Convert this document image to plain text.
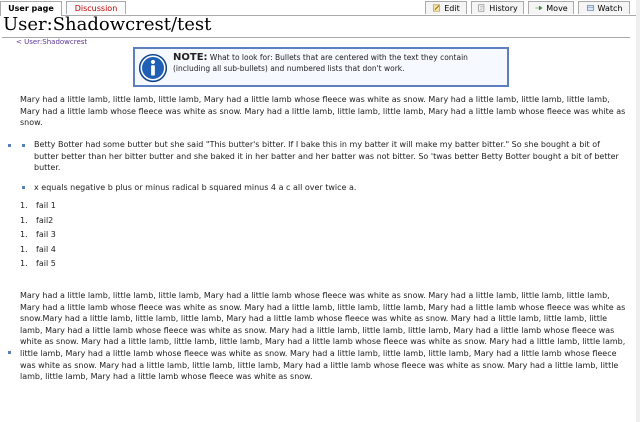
User page	Discussion	Edit	History	Move	Watch
User:Shadowcrest/test
< User:Shadowcrest
NOTE: What to look for: Bullets that are centered with the text they contain (including all sub-bullets) and numbered lists that don't work.

Mary had a little lamb, little lamb, little lamb, Mary had a little lamb whose fleece was white as snow. Mary had a little lamb, little lamb, little lamb, Mary had a little lamb whose fleece was white as snow. Mary had a little lamb, little lamb, little lamb, Mary had a little lamb whose fleece was white as snow.

Betty Botter had some butter but she said "This butter's bitter. If I bake this in my batter it will make my batter bitter." So she bought a bit of butter better than her bitter butter and she baked it in her batter and her batter was not bitter. So 'twas better Betty Botter bought a bit of better butter.
x equals negative b plus or minus radical b squared minus 4 a c all over twice a.
1. fail 1
1. fail2
1. fail 3
1. fail 4
1. fail 5

Mary had a little lamb, little lamb, little lamb, Mary had a little lamb whose fleece was white as snow. Mary had a little lamb, little lamb, little lamb, Mary had a little lamb whose fleece was white as snow. Mary had a little lamb, little lamb, little lamb, Mary had a little lamb whose fleece was white as snow.Mary had a little lamb, little lamb, little lamb, Mary had a little lamb whose fleece was white as snow. Mary had a little lamb, little lamb, little lamb, Mary had a little lamb whose fleece was white as snow. Mary had a little lamb, little lamb, little lamb, Mary had a little lamb whose fleece was white as snow. Mary had a little lamb, little lamb, little lamb, Mary had a little lamb whose fleece was white as snow. Mary had a little lamb, little lamb, little lamb, Mary had a little lamb whose fleece was white as snow. Mary had a little lamb, little lamb, little lamb, Mary had a little lamb whose fleece was white as snow. Mary had a little lamb, little lamb, little lamb, Mary had a little lamb whose fleece was white as snow. Mary had a little lamb, little lamb, little lamb, Mary had a little lamb whose fleece was white as snow.
